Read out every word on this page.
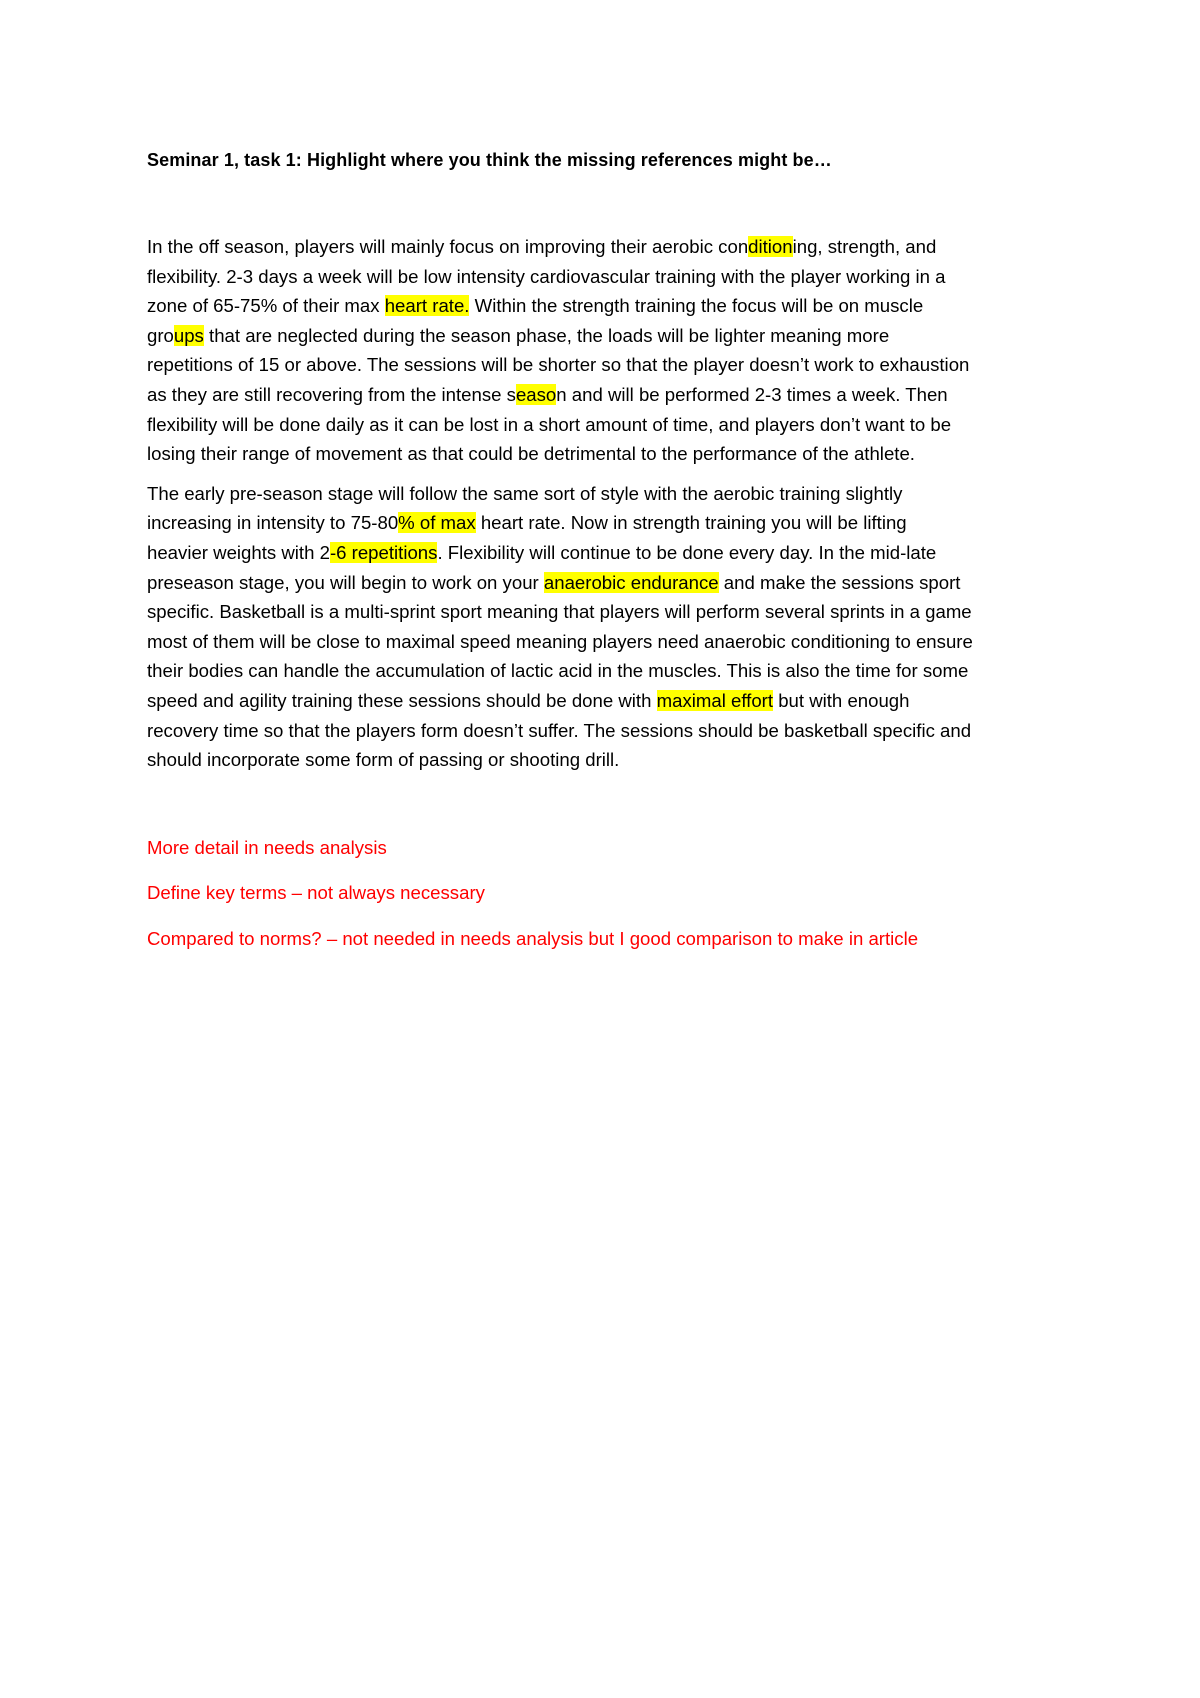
Seminar 1, task 1: Highlight where you think the missing references might be…

In the off season, players will mainly focus on improving their aerobic conditioning, strength, and
flexibility. 2-3 days a week will be low intensity cardiovascular training with the player working in a
zone of 65-75% of their max heart rate. Within the strength training the focus will be on muscle
groups that are neglected during the season phase, the loads will be lighter meaning more
repetitions of 15 or above. The sessions will be shorter so that the player doesn’t work to exhaustion
as they are still recovering from the intense season and will be performed 2-3 times a week. Then
flexibility will be done daily as it can be lost in a short amount of time, and players don’t want to be
losing their range of movement as that could be detrimental to the performance of the athlete.
The early pre-season stage will follow the same sort of style with the aerobic training slightly
increasing in intensity to 75-80% of max heart rate. Now in strength training you will be lifting
heavier weights with 2-6 repetitions. Flexibility will continue to be done every day. In the mid-late
preseason stage, you will begin to work on your anaerobic endurance and make the sessions sport
specific. Basketball is a multi-sprint sport meaning that players will perform several sprints in a game
most of them will be close to maximal speed meaning players need anaerobic conditioning to ensure
their bodies can handle the accumulation of lactic acid in the muscles. This is also the time for some
speed and agility training these sessions should be done with maximal effort but with enough
recovery time so that the players form doesn’t suffer. The sessions should be basketball specific and
should incorporate some form of passing or shooting drill.

More detail in needs analysis

Define key terms – not always necessary

Compared to norms? – not needed in needs analysis but I good comparison to make in article
